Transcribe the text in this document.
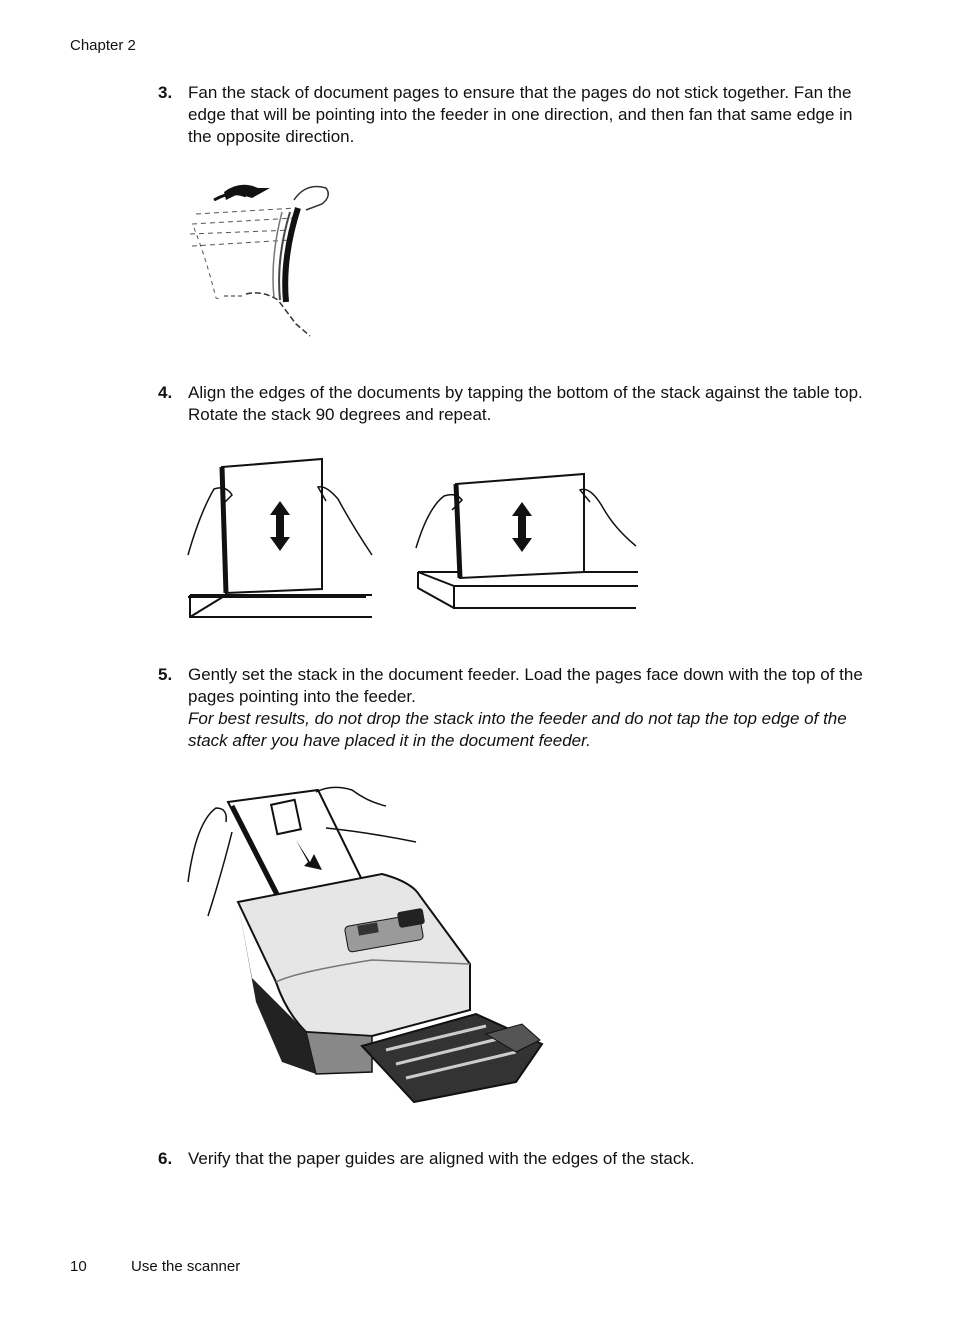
Chapter 2
3. Fan the stack of document pages to ensure that the pages do not stick together. Fan the edge that will be pointing into the feeder in one direction, and then fan that same edge in the opposite direction.
4. Align the edges of the documents by tapping the bottom of the stack against the table top. Rotate the stack 90 degrees and repeat.
5. Gently set the stack in the document feeder. Load the pages face down with the top of the pages pointing into the feeder.
For best results, do not drop the stack into the feeder and do not tap the top edge of the stack after you have placed it in the document feeder.
6. Verify that the paper guides are aligned with the edges of the stack.
10	Use the scanner
